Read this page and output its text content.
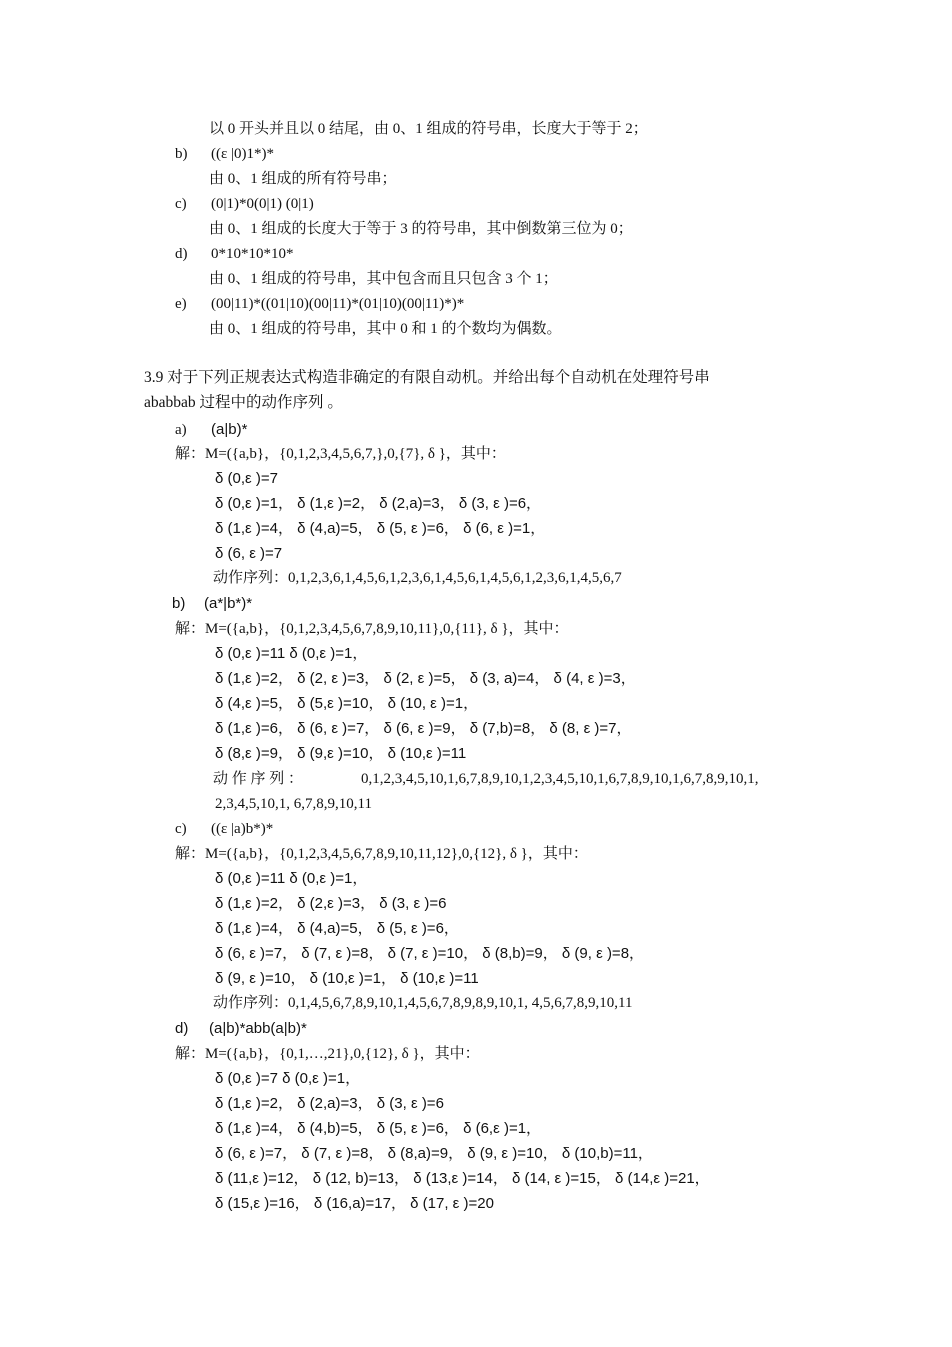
以 0 开头并且以 0 结尾，由 0、1 组成的符号串，长度大于等于 2；
b) ((ε |0)1*)*
由 0、1 组成的所有符号串；
c) (0|1)*0(0|1) (0|1)
由 0、1 组成的长度大于等于 3 的符号串，其中倒数第三位为 0；
d) 0*10*10*10*
由 0、1 组成的符号串，其中包含而且只包含 3 个 1；
e) (00|11)*((01|10)(00|11)*(01|10)(00|11)*)*
由 0、1 组成的符号串，其中 0 和 1 的个数均为偶数。
3.9 对于下列正规表达式构造非确定的有限自动机。并给出每个自动机在处理符号串
ababbab 过程中的动作序列 。
a) (a|b)*
解：M=({a,b}，{0,1,2,3,4,5,6,7,},0,{7}, δ }，其中：
δ (0,ε )=7
δ (0,ε )=1， δ (1,ε )=2， δ (2,a)=3， δ (3, ε )=6，
δ (1,ε )=4， δ (4,a)=5， δ (5, ε )=6， δ (6, ε )=1，
δ (6, ε )=7
动作序列：0,1,2,3,6,1,4,5,6,1,2,3,6,1,4,5,6,1,4,5,6,1,2,3,6,1,4,5,6,7
b) (a*|b*)*
解：M=({a,b}，{0,1,2,3,4,5,6,7,8,9,10,11},0,{11}, δ }，其中：
δ (0,ε )=11 δ (0,ε )=1，
δ (1,ε )=2， δ (2, ε )=3， δ (2, ε )=5， δ (3, a)=4， δ (4, ε )=3，
δ (4,ε )=5， δ (5,ε )=10， δ (10, ε )=1，
δ (1,ε )=6， δ (6, ε )=7， δ (6, ε )=9， δ (7,b)=8， δ (8, ε )=7，
δ (8,ε )=9， δ (9,ε )=10， δ (10,ε )=11
动 作 序 列 ：	0,1,2,3,4,5,10,1,6,7,8,9,10,1,2,3,4,5,10,1,6,7,8,9,10,1,6,7,8,9,10,1,
2,3,4,5,10,1, 6,7,8,9,10,11
c) ((ε |a)b*)*
解：M=({a,b}，{0,1,2,3,4,5,6,7,8,9,10,11,12},0,{12}, δ }，其中：
δ (0,ε )=11 δ (0,ε )=1，
δ (1,ε )=2， δ (2,ε )=3， δ (3, ε )=6
δ (1,ε )=4， δ (4,a)=5， δ (5, ε )=6，
δ (6, ε )=7， δ (7, ε )=8， δ (7, ε )=10， δ (8,b)=9， δ (9, ε )=8，
δ (9, ε )=10， δ (10,ε )=1， δ (10,ε )=11
动作序列：0,1,4,5,6,7,8,9,10,1,4,5,6,7,8,9,8,9,10,1, 4,5,6,7,8,9,10,11
d) (a|b)*abb(a|b)*
解：M=({a,b}，{0,1,…,21},0,{12}, δ }，其中：
δ (0,ε )=7 δ (0,ε )=1，
δ (1,ε )=2， δ (2,a)=3， δ (3, ε )=6
δ (1,ε )=4， δ (4,b)=5， δ (5, ε )=6， δ (6,ε )=1，
δ (6, ε )=7， δ (7, ε )=8， δ (8,a)=9， δ (9, ε )=10， δ (10,b)=11，
δ (11,ε )=12， δ (12, b)=13， δ (13,ε )=14， δ (14, ε )=15， δ (14,ε )=21，
δ (15,ε )=16， δ (16,a)=17， δ (17, ε )=20
